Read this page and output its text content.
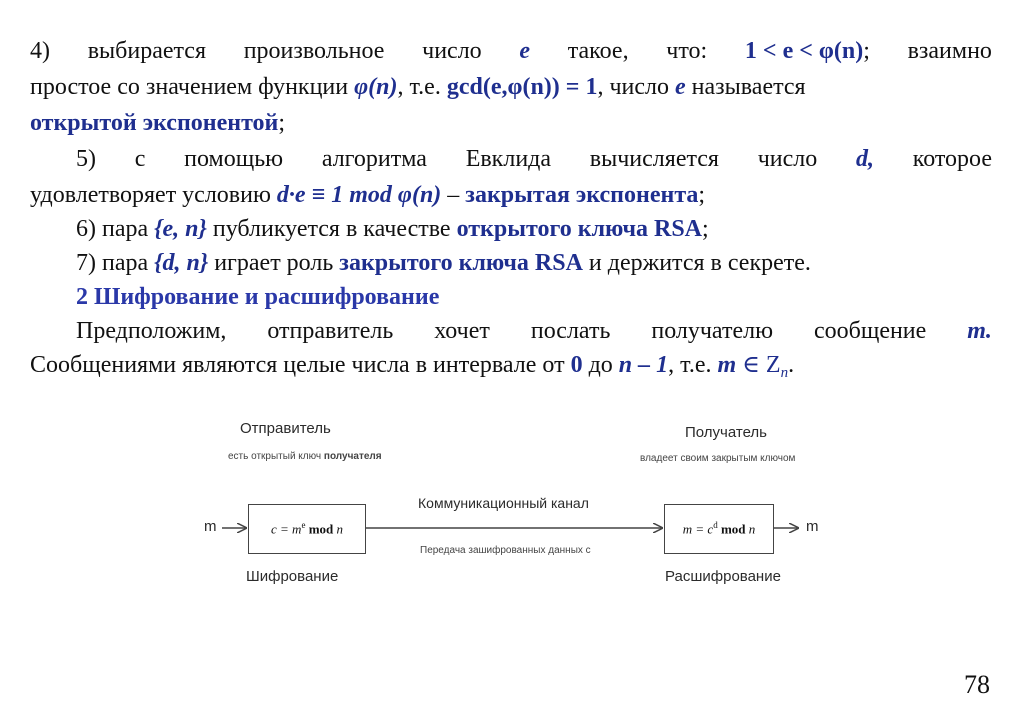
4) выбирается произвольное число e такое, что: 1 < e < φ(n); взаимно
простое со значением функции φ(n), т.е. gcd(e,φ(n)) = 1, число e называется
открытой экспонентой;
5) с помощью алгоритма Евклида вычисляется число d, которое
удовлетворяет условию d·e ≡ 1 mod φ(n) – закрытая экспонента;
6) пара {e, n} публикуется в качестве открытого ключа RSA;
7) пара {d, n} играет роль закрытого ключа RSA и держится в секрете.
2 Шифрование и расшифрование
Предположим, отправитель хочет послать получателю сообщение m.
Сообщениями являются целые числа в интервале от 0 до n – 1, т.е. m ∈ $Z_n$.
Отправитель
есть открытый ключ получателя
Получатель
владеет своим закрытым ключом
Коммуникационный канал
Передача зашифрованных данных c
m	m
$c = m^e$ mod n	$m = c^d$ mod n
Шифрование	Расшифрование
78
